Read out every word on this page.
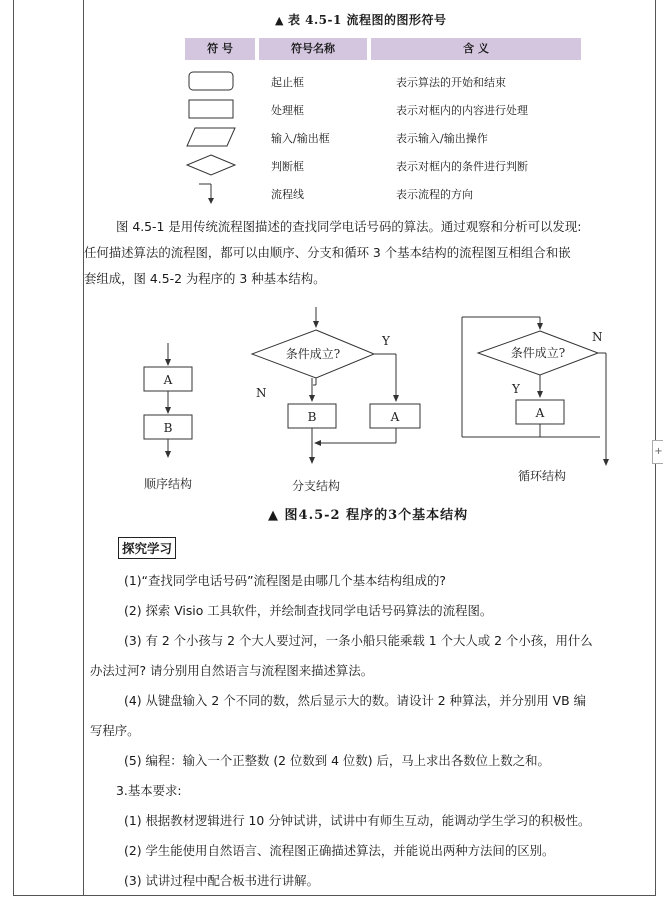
+
▲ 表 4.5-1 流程图的图形符号
符 号	符号名称	含 义
起止框	表示算法的开始和结束
处理框	表示对框内的内容进行处理
输入/输出框	表示输入/输出操作
判断框	表示对框内的条件进行判断
流程线	表示流程的方向
图 4.5-1 是用传统流程图描述的查找同学电话号码的算法。通过观察和分析可以发现:
任何描述算法的流程图，都可以由顺序、分支和循环 3 个基本结构的流程图互相组合和嵌
套组成，图 4.5-2 为程序的 3 种基本结构。
A
B
顺序结构
条件成立?
Y
N
B	A
分支结构
条件成立?
N
Y
A
循环结构
▲ 图4.5-2 程序的3个基本结构
探究学习
(1)“查找同学电话号码”流程图是由哪几个基本结构组成的?
(2) 探索 Visio 工具软件，并绘制查找同学电话号码算法的流程图。
(3) 有 2 个小孩与 2 个大人要过河，一条小船只能乘载 1 个大人或 2 个小孩，用什么
办法过河? 请分别用自然语言与流程图来描述算法。
(4) 从键盘输入 2 个不同的数，然后显示大的数。请设计 2 种算法，并分别用 VB 编
写程序。
(5) 编程：输入一个正整数 (2 位数到 4 位数) 后，马上求出各数位上数之和。
3.基本要求:
(1) 根据教材逻辑进行 10 分钟试讲，试讲中有师生互动，能调动学生学习的积极性。
(2) 学生能使用自然语言、流程图正确描述算法，并能说出两种方法间的区别。
(3) 试讲过程中配合板书进行讲解。
